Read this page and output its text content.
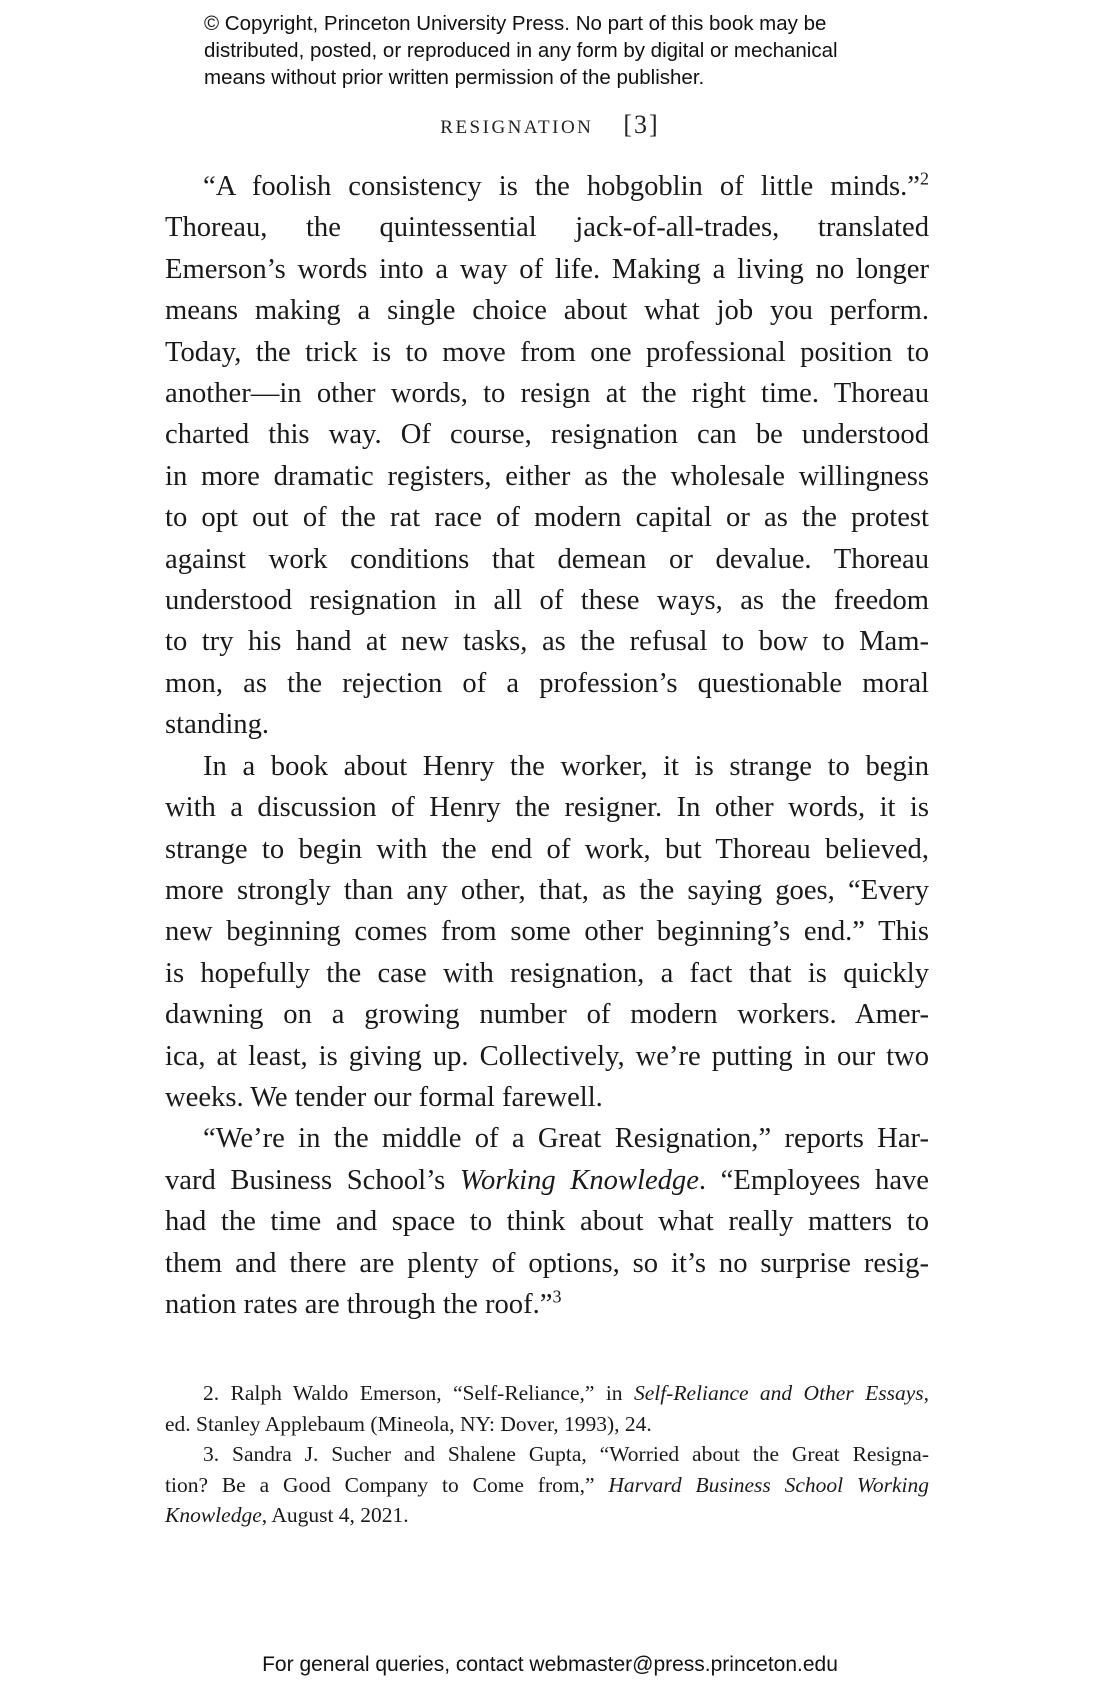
© Copyright, Princeton University Press. No part of this book may be
distributed, posted, or reproduced in any form by digital or mechanical
means without prior written permission of the publisher.
RESIGNATION [3]
“A foolish consistency is the hobgoblin of little minds.”$^2$
Thoreau, the quintessential jack-of-all-trades, translated
Emerson’s words into a way of life. Making a living no longer
means making a single choice about what job you perform.
Today, the trick is to move from one professional position to
another—in other words, to resign at the right time. Thoreau
charted this way. Of course, resignation can be understood
in more dramatic registers, either as the wholesale willingness
to opt out of the rat race of modern capital or as the protest
against work conditions that demean or devalue. Thoreau
understood resignation in all of these ways, as the freedom
to try his hand at new tasks, as the refusal to bow to Mam-
mon, as the rejection of a profession’s questionable moral
standing.
In a book about Henry the worker, it is strange to begin
with a discussion of Henry the resigner. In other words, it is
strange to begin with the end of work, but Thoreau believed,
more strongly than any other, that, as the saying goes, “Every
new beginning comes from some other beginning’s end.” This
is hopefully the case with resignation, a fact that is quickly
dawning on a growing number of modern workers. Amer-
ica, at least, is giving up. Collectively, we’re putting in our two
weeks. We tender our formal farewell.
“We’re in the middle of a Great Resignation,” reports Har-
vard Business School’s Working Knowledge. “Employees have
had the time and space to think about what really matters to
them and there are plenty of options, so it’s no surprise resig-
nation rates are through the roof.”$^3$
2. Ralph Waldo Emerson, “Self-Reliance,” in Self-Reliance and Other Essays,
ed. Stanley Applebaum (Mineola, NY: Dover, 1993), 24.
3. Sandra J. Sucher and Shalene Gupta, “Worried about the Great Resigna-
tion? Be a Good Company to Come from,” Harvard Business School Working
Knowledge, August 4, 2021.
For general queries, contact webmaster@press.princeton.edu
